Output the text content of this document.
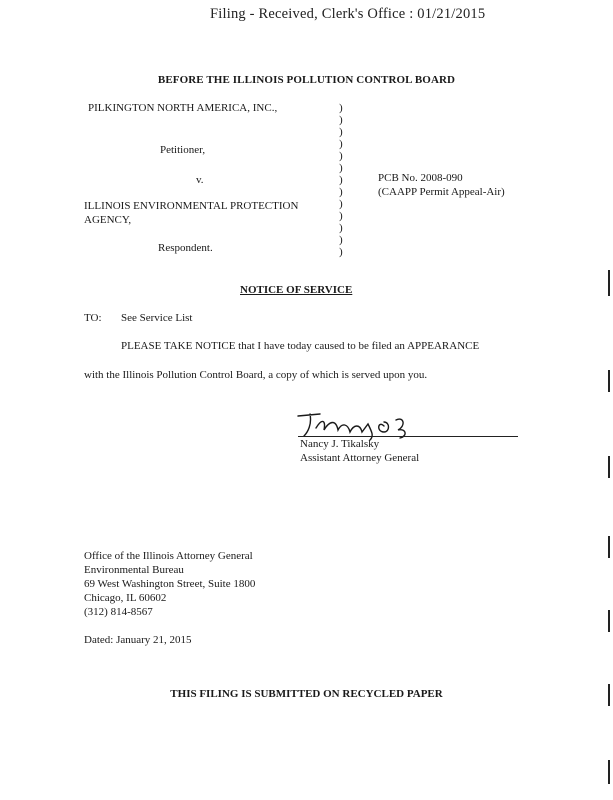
Filing - Received, Clerk's Office : 01/21/2015
BEFORE THE ILLINOIS POLLUTION CONTROL BOARD
PILKINGTON NORTH AMERICA, INC.,
Petitioner,
v.
ILLINOIS ENVIRONMENTAL PROTECTION
AGENCY,
Respondent.
)
)
)
)
)
)
)
)
)
)
)
)
)
PCB No. 2008-090
(CAAPP Permit Appeal-Air)
NOTICE OF SERVICE
TO: See Service List
PLEASE TAKE NOTICE that I have today caused to be filed an APPEARANCE
with the Illinois Pollution Control Board, a copy of which is served upon you.
Nancy J. Tikalsky
Assistant Attorney General
Office of the Illinois Attorney General
Environmental Bureau
69 West Washington Street, Suite 1800
Chicago, IL 60602
(312) 814-8567
Dated: January 21, 2015
THIS FILING IS SUBMITTED ON RECYCLED PAPER
